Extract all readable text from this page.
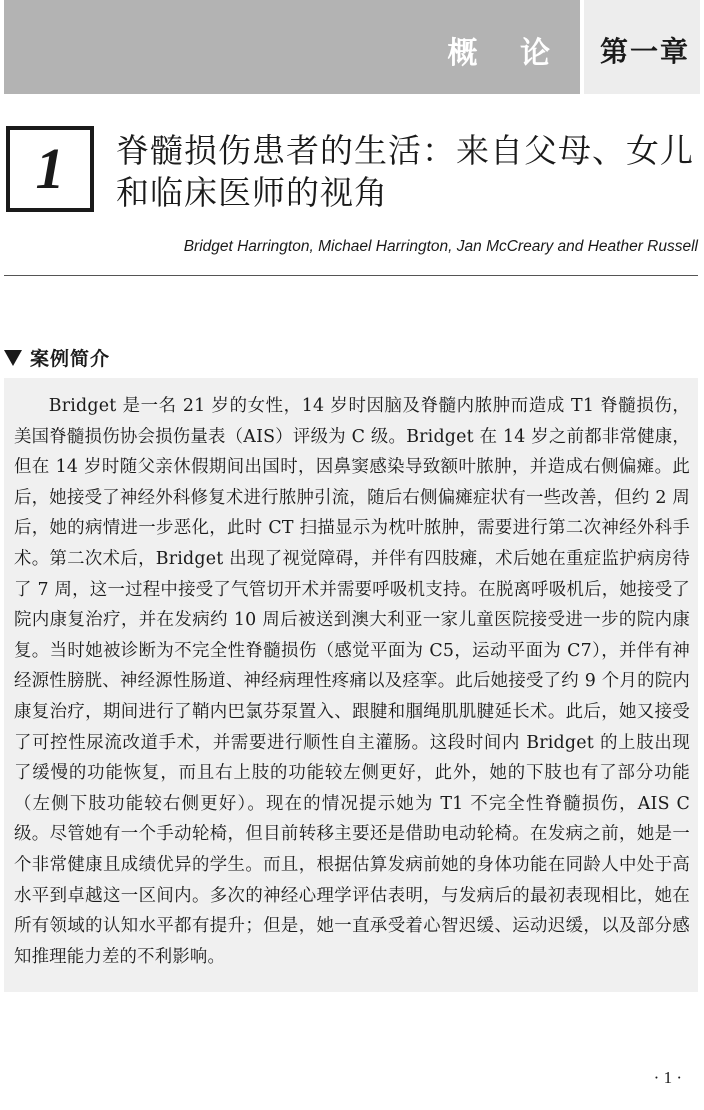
概 论 第一章
1 脊髓损伤患者的生活：来自父母、女儿和临床医师的视角
Bridget Harrington, Michael Harrington, Jan McCreary and Heather Russell
案例简介

Bridget 是一名 21 岁的女性，14 岁时因脑及脊髓内脓肿而造成 T1 脊髓损伤，美国脊髓损伤协会损伤量表（AIS）评级为 C 级。Bridget 在 14 岁之前都非常健康，但在 14 岁时随父亲休假期间出国时，因鼻窦感染导致额叶脓肿，并造成右侧偏瘫。此后，她接受了神经外科修复术进行脓肿引流，随后右侧偏瘫症状有一些改善，但约 2 周后，她的病情进一步恶化，此时 CT 扫描显示为枕叶脓肿，需要进行第二次神经外科手术。第二次术后，Bridget 出现了视觉障碍，并伴有四肢瘫，术后她在重症监护病房待了 7 周，这一过程中接受了气管切开术并需要呼吸机支持。在脱离呼吸机后，她接受了院内康复治疗，并在发病约 10 周后被送到澳大利亚一家儿童医院接受进一步的院内康复。当时她被诊断为不完全性脊髓损伤（感觉平面为 C5，运动平面为 C7），并伴有神经源性膀胱、神经源性肠道、神经病理性疼痛以及痉挛。此后她接受了约 9 个月的院内康复治疗，期间进行了鞘内巴氯芬泵置入、跟腱和腘绳肌肌腱延长术。此后，她又接受了可控性尿流改道手术，并需要进行顺性自主灌肠。这段时间内 Bridget 的上肢出现了缓慢的功能恢复，而且右上肢的功能较左侧更好，此外，她的下肢也有了部分功能（左侧下肢功能较右侧更好）。现在的情况提示她为 T1 不完全性脊髓损伤，AIS C 级。尽管她有一个手动轮椅，但目前转移主要还是借助电动轮椅。在发病之前，她是一个非常健康且成绩优异的学生。而且，根据估算发病前她的身体功能在同龄人中处于高水平到卓越这一区间内。多次的神经心理学评估表明，与发病后的最初表现相比，她在所有领域的认知水平都有提升；但是，她一直承受着心智迟缓、运动迟缓，以及部分感知推理能力差的不利影响。

· 1 ·
